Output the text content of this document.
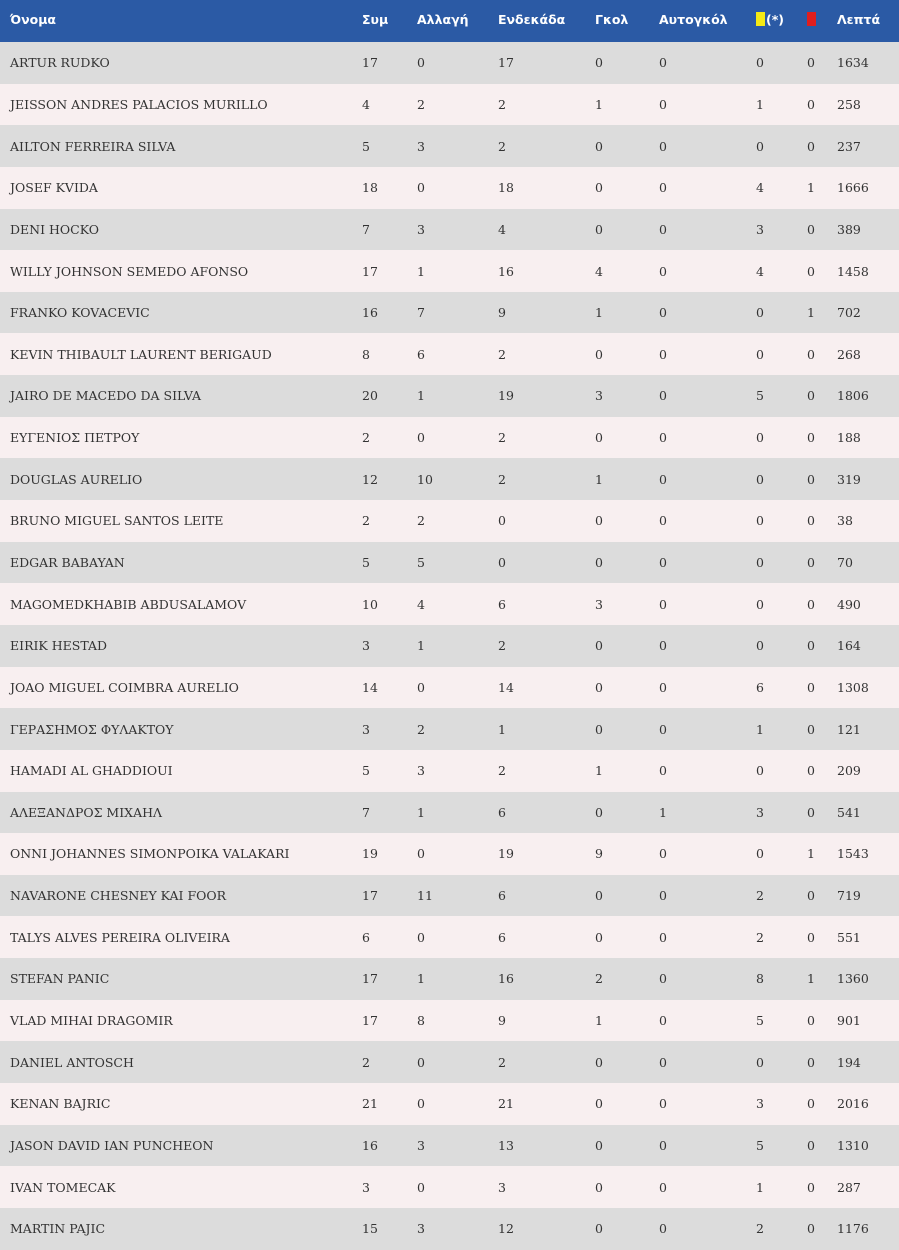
Όνομα	Συμ	Αλλαγή	Ενδεκάδα	Γκολ	Αυτογκόλ	(*)		Λεπτά
ARTUR RUDKO	17	0	17	0	0	0	0	1634
JEISSON ANDRES PALACIOS MURILLO	4	2	2	1	0	1	0	258
AILTON FERREIRA SILVA	5	3	2	0	0	0	0	237
JOSEF KVIDA	18	0	18	0	0	4	1	1666
DENI HOCKO	7	3	4	0	0	3	0	389
WILLY JOHNSON SEMEDO AFONSO	17	1	16	4	0	4	0	1458
FRANKO KOVACEVIC	16	7	9	1	0	0	1	702
KEVIN THIBAULT LAURENT BERIGAUD	8	6	2	0	0	0	0	268
JAIRO DE MACEDO DA SILVA	20	1	19	3	0	5	0	1806
ΕΥΓΕΝΙΟΣ ΠΕΤΡΟΥ	2	0	2	0	0	0	0	188
DOUGLAS AURELIO	12	10	2	1	0	0	0	319
BRUNO MIGUEL SANTOS LEITE	2	2	0	0	0	0	0	38
EDGAR BABAYAN	5	5	0	0	0	0	0	70
MAGOMEDKHABIB ABDUSALAMOV	10	4	6	3	0	0	0	490
EIRIK HESTAD	3	1	2	0	0	0	0	164
JOAO MIGUEL COIMBRA AURELIO	14	0	14	0	0	6	0	1308
ΓΕΡΑΣΗΜΟΣ ΦΥΛΑΚΤΟΥ	3	2	1	0	0	1	0	121
HAMADI AL GHADDIOUI	5	3	2	1	0	0	0	209
ΑΛΕΞΑΝΔΡΟΣ ΜΙΧΑΗΛ	7	1	6	0	1	3	0	541
ONNI JOHANNES SIMONPOIKA VALAKARI	19	0	19	9	0	0	1	1543
NAVARONE CHESNEY KAI FOOR	17	11	6	0	0	2	0	719
TALYS ALVES PEREIRA OLIVEIRA	6	0	6	0	0	2	0	551
STEFAN PANIC	17	1	16	2	0	8	1	1360
VLAD MIHAI DRAGOMIR	17	8	9	1	0	5	0	901
DANIEL ANTOSCH	2	0	2	0	0	0	0	194
KENAN BAJRIC	21	0	21	0	0	3	0	2016
JASON DAVID IAN PUNCHEON	16	3	13	0	0	5	0	1310
IVAN TOMECAK	3	0	3	0	0	1	0	287
MARTIN PAJIC	15	3	12	0	0	2	0	1176
